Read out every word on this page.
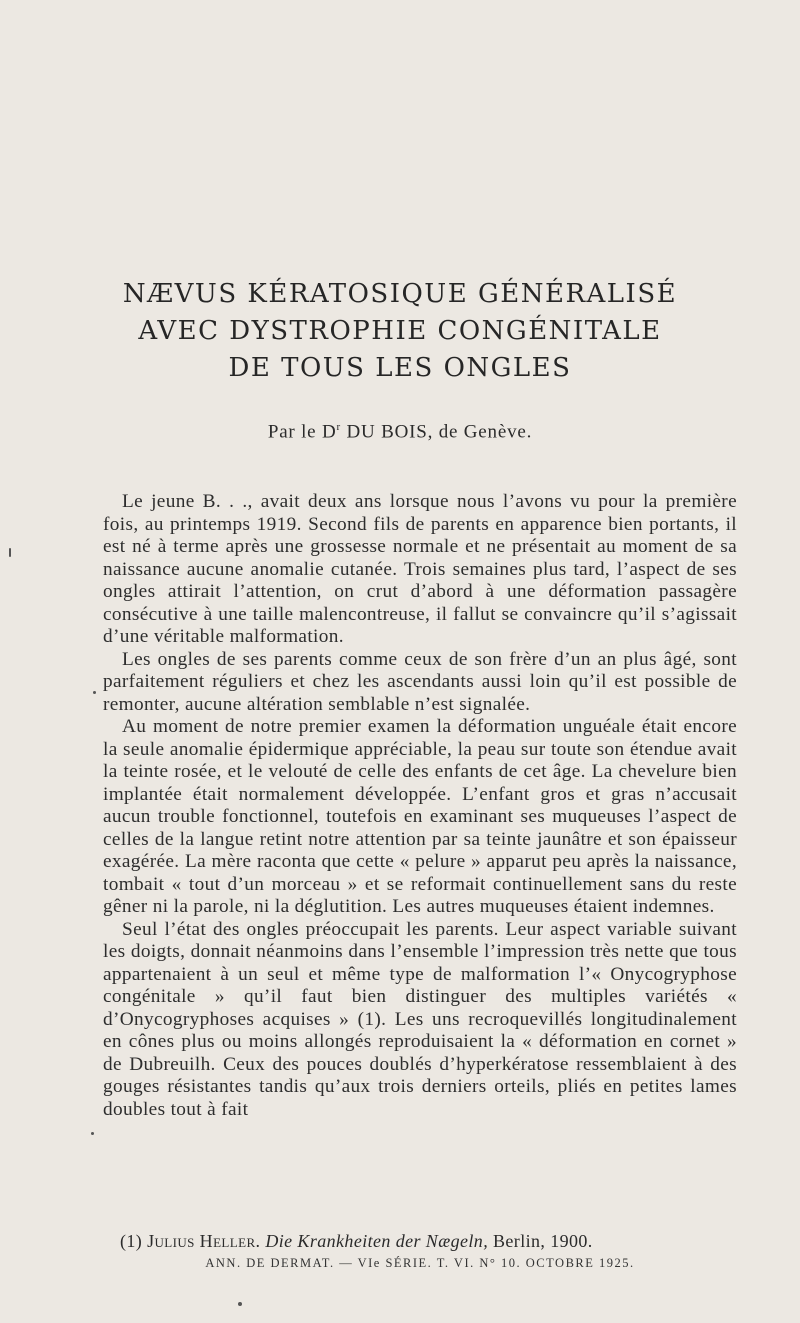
NÆVUS KÉRATOSIQUE GÉNÉRALISÉ
AVEC DYSTROPHIE CONGÉNITALE
DE TOUS LES ONGLES
Par le $D^r$ DU BOIS, de Genève.

Le jeune B. . ., avait deux ans lorsque nous l’avons vu pour la première fois, au printemps 1919. Second fils de parents en apparence bien portants, il est né à terme après une grossesse normale et ne présentait au moment de sa naissance aucune anomalie cutanée. Trois semaines plus tard, l’aspect de ses ongles attirait l’attention, on crut d’abord à une déformation passagère consécutive à une taille malencontreuse, il fallut se convaincre qu’il s’agissait d’une véritable malformation.

Les ongles de ses parents comme ceux de son frère d’un an plus âgé, sont parfaitement réguliers et chez les ascendants aussi loin qu’il est possible de remonter, aucune altération semblable n’est signalée.

Au moment de notre premier examen la déformation unguéale était encore la seule anomalie épidermique appréciable, la peau sur toute son étendue avait la teinte rosée, et le velouté de celle des enfants de cet âge. La chevelure bien implantée était normalement développée. L’enfant gros et gras n’accusait aucun trouble fonctionnel, toutefois en examinant ses muqueuses l’aspect de celles de la langue retint notre attention par sa teinte jaunâtre et son épaisseur exagérée. La mère raconta que cette « pelure » apparut peu après la naissance, tombait « tout d’un morceau » et se reformait continuellement sans du reste gêner ni la parole, ni la déglutition. Les autres muqueuses étaient indemnes.

Seul l’état des ongles préoccupait les parents. Leur aspect variable suivant les doigts, donnait néanmoins dans l’ensemble l’impression très nette que tous appartenaient à un seul et même type de malformation l’« Onycogryphose congénitale » qu’il faut bien distinguer des multiples variétés « d’Onycogryphoses acquises » (1). Les uns recroquevillés longitudinalement en cônes plus ou moins allongés reproduisaient la « déformation en cornet » de Dubreuilh. Ceux des pouces doublés d’hyperkératose ressemblaient à des gouges résistantes tandis qu’aux trois derniers orteils, pliés en petites lames doubles tout à fait

(1) Julius Heller. Die Krankheiten der Nægeln, Berlin, 1900.
ANN. DE DERMAT. — VIe SÉRIE. T. VI. N° 10. OCTOBRE 1925.
